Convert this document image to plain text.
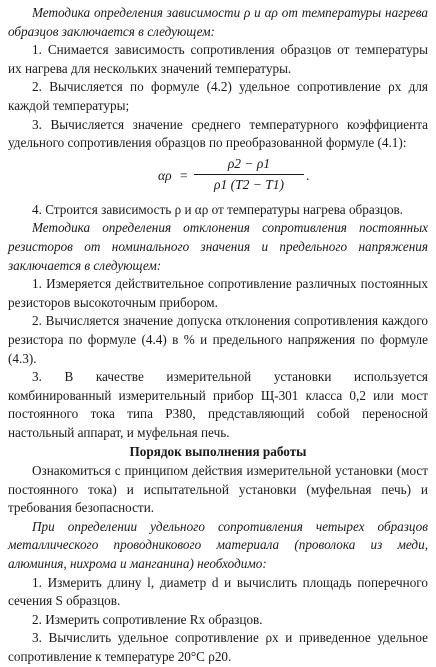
Методика определения зависимости ρ и αρ от температуры нагрева образцов заключается в следующем:

1. Снимается зависимость сопротивления образцов от температуры их нагрева для нескольких значений температуры.

2. Вычисляется по формуле (4.2) удельное сопротивление ρx для каждой температуры;

3. Вычисляется значение среднего температурного коэффициента удельного сопротивления образцов по преобразованной формуле (4.1):

$\alpha\rho = \frac{\rho 2 - \rho 1}{\rho 1 (T2 - T1)}$ .

4. Строится зависимость ρ и αρ от температуры нагрева образцов.

Методика определения отклонения сопротивления постоянных резисторов от номинального значения и предельного напряжения заключается в следующем:

1. Измеряется действительное сопротивление различных постоянных резисторов высокоточным прибором.

2. Вычисляется значение допуска отклонения сопротивления каждого резистора по формуле (4.4) в % и предельного напряжения по формуле (4.3).

3. В качестве измерительной установки используется комбинированный измерительный прибор Щ-301 класса 0,2 или мост постоянного тока типа Р380, представляющий собой переносной настольный аппарат, и муфельная печь.

Порядок выполнения работы

Ознакомиться с принципом действия измерительной установки (мост постоянного тока) и испытательной установки (муфельная печь) и требования безопасности.

При определении удельного сопротивления четырех образцов металлического проводникового материала (проволока из меди, алюминия, нихрома и манганина) необходимо:

1. Измерить длину l, диаметр d и вычислить площадь поперечного сечения S образцов.

2. Измерить сопротивление Rx образцов.

3. Вычислить удельное сопротивление ρx и приведенное удельное сопротивление к температуре 20°С ρ20.
